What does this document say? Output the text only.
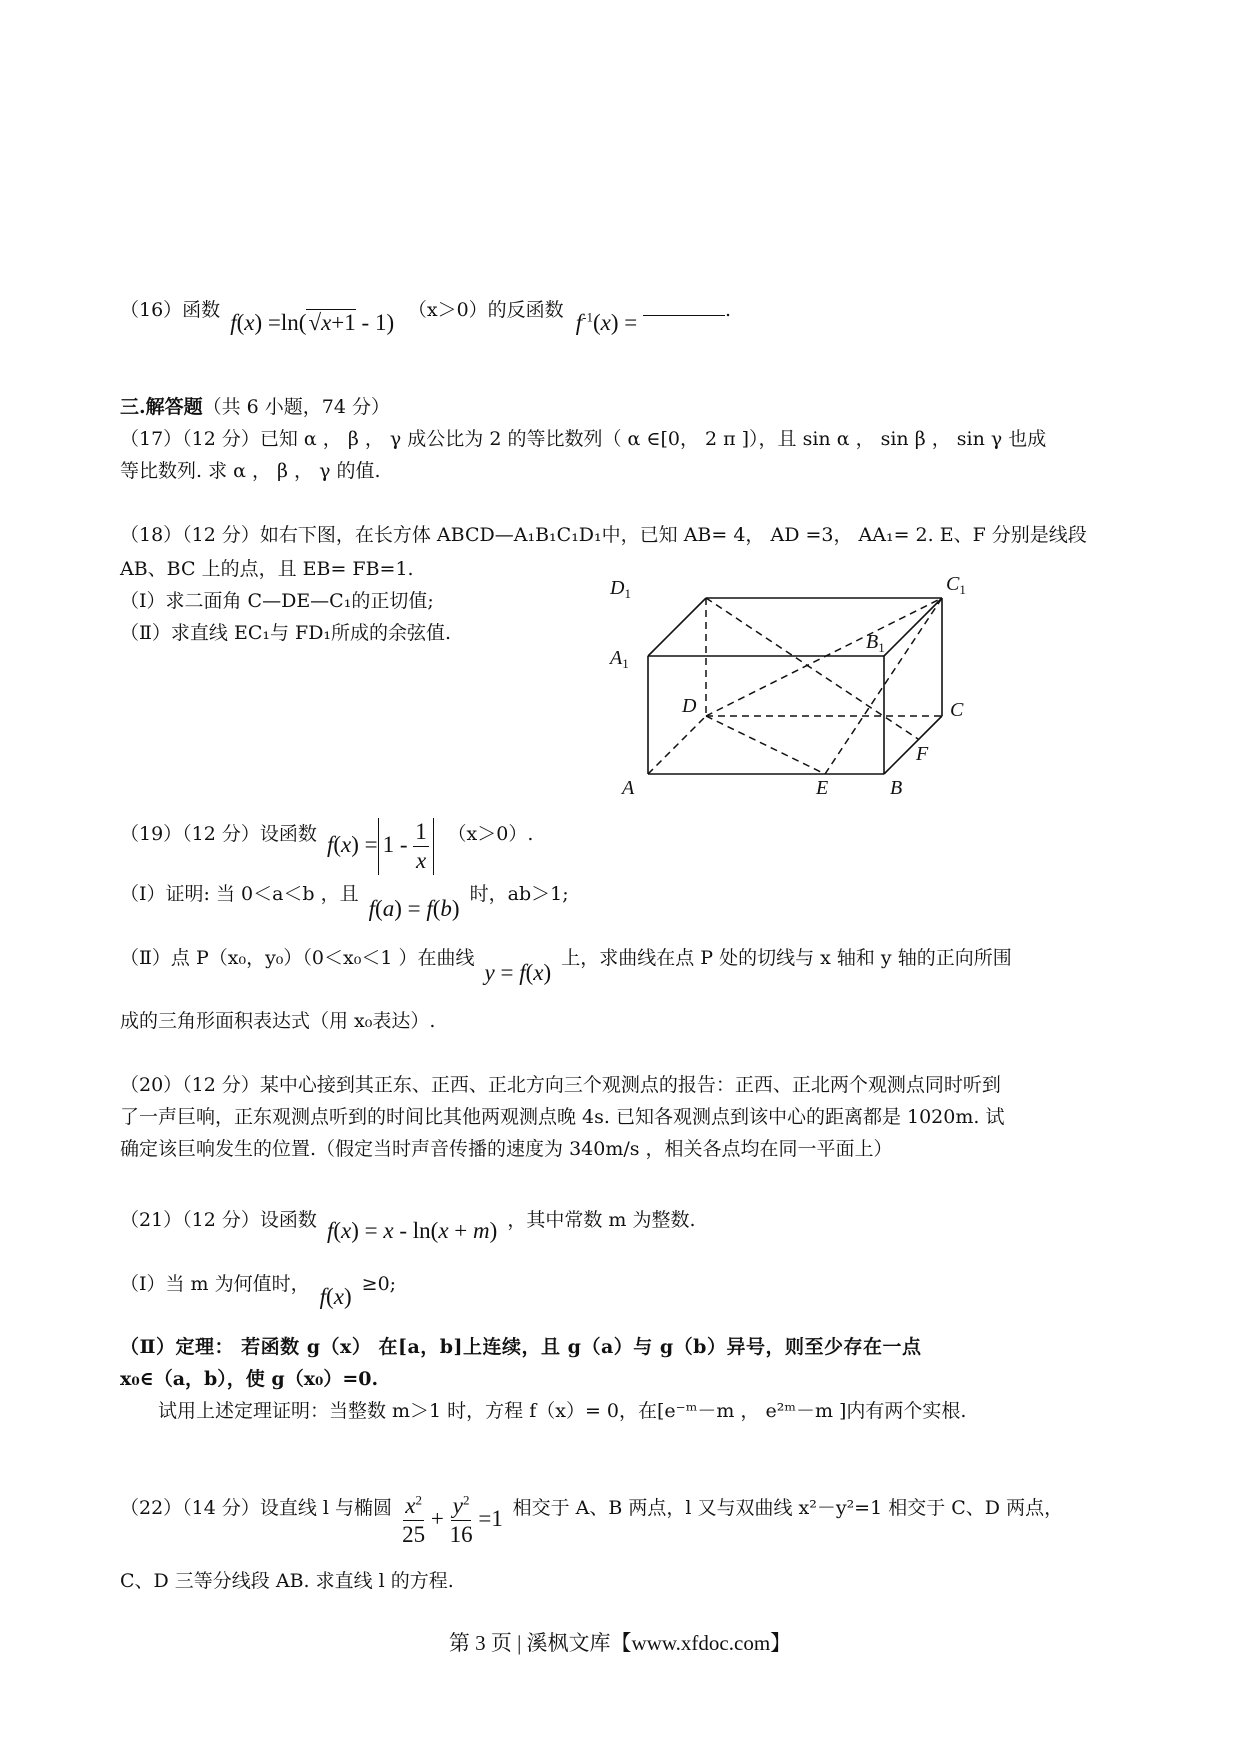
（16）函数 f(x) =ln(√x+1 - 1) （x＞0）的反函数 $f^{-1}(x)$ =	.
三.解答题（共 6 小题，74 分）
（17）（12 分）已知 α ， β ， γ 成公比为 2 的等比数列（ α ∈[0， 2 π ]），且 sin α ， sin β ， sin γ 也成
等比数列. 求 α ， β ， γ 的值.
（18）（12 分）如右下图，在长方体 ABCD—A₁B₁C₁D₁中，已知 AB= 4， AD =3， AA₁= 2. E、F 分别是线段
AB、BC 上的点，且 EB= FB=1.
（Ⅰ）求二面角 C—DE—C₁的正切值;
（Ⅱ）求直线 EC₁与 FD₁所成的余弦值.
$D_1$	$C_1$
$B_1$
$A_1$
D	C
F
A	E	B
（19）（12 分）设函数 $f(x) = 1 - \frac{1}{x} (x>0)$.
（Ⅰ）证明: 当 0＜a＜b ，且 f(a) = f(b) 时，ab＞1;
（Ⅱ）点 P（x₀，y₀）（0＜x₀＜1 ）在曲线 y = f(x) 上，求曲线在点 P 处的切线与 x 轴和 y 轴的正向所围
成的三角形面积表达式（用 x₀表达）.
（20）（12 分）某中心接到其正东、正西、正北方向三个观测点的报告：正西、正北两个观测点同时听到
了一声巨响，正东观测点听到的时间比其他两观测点晚 4s. 已知各观测点到该中心的距离都是 1020m. 试
确定该巨响发生的位置.（假定当时声音传播的速度为 340m/s ，相关各点均在同一平面上）
（21）（12 分）设函数 f(x) = x - ln(x + m) ，其中常数 m 为整数.
（Ⅰ）当 m 为何值时， f(x) ≥0;
（Ⅱ）定理： 若函数 g（x） 在[a，b]上连续，且 g（a）与 g（b）异号，则至少存在一点
x₀∈（a，b），使 g（x₀）=0.
试用上述定理证明：当整数 m＞1 时，方程 f（x）= 0，在[e⁻ᵐ－m ， e²ᵐ－m ]内有两个实根.
（22）（14 分）设直线 l 与椭圆 $\frac{x^2}{25} + \frac{y^2}{16} =1$ 相交于 A、B 两点，l 又与双曲线 x²－y²=1 相交于 C、D 两点，
C、D 三等分线段 AB. 求直线 l 的方程.
第 3 页 | 溪枫文库【www.xfdoc.com】
